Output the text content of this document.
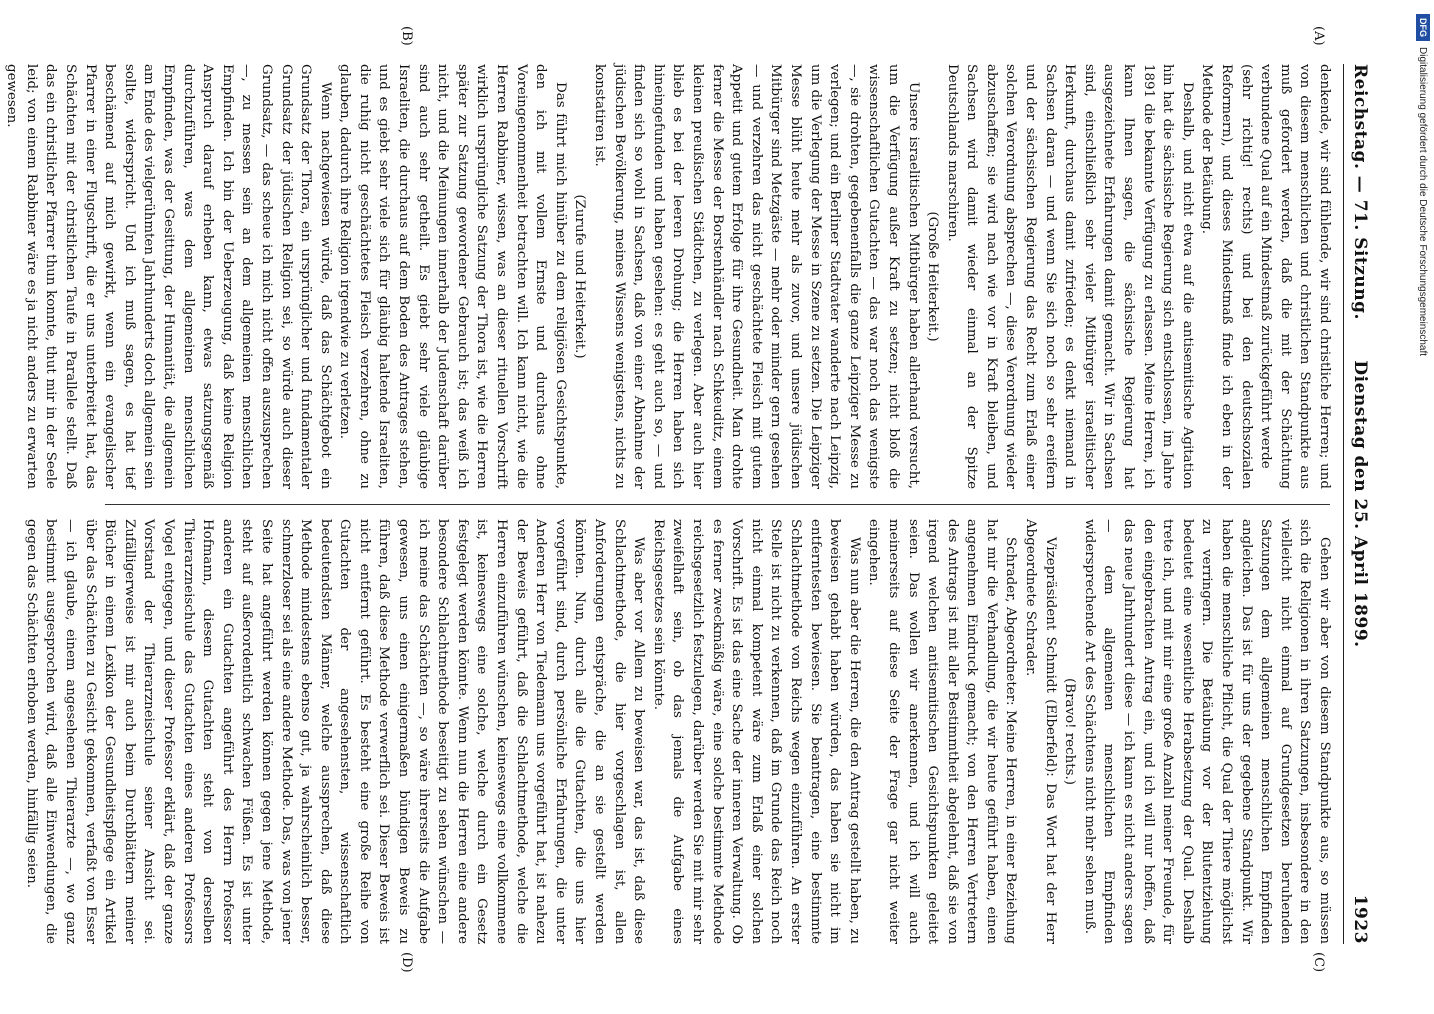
Reichstag. — 71. Sitzung.
Dienstag den 25. April 1899.
1923
(A)
(B)
(C)
(D)

denkende, wir sind fühlende, wir sind christliche Herren; und von diesem menschlichen und christlichen Standpunkte aus muß gefordert werden, daß die mit der Schächtung verbundene Qual auf ein Mindestmaß zurückgeführt werde

(sehr richtig! rechts) und bei den deutschsozialen Reformern), und dieses Mindestmaß finde ich eben in der Methode der Betäubung.

Deshalb, und nicht etwa auf die antisemitische Agitation hin hat die sächsische Regierung sich entschlossen, im Jahre 1891 die bekannte Verfügung zu erlassen. Meine Herren, ich kann Ihnen sagen, die sächsische Regierung hat ausgezeichnete Erfahrungen damit gemacht. Wir in Sachsen sind, einschließlich sehr vieler Mitbürger israelitischer Herkunft, durchaus damit zufrieden; es denkt niemand in Sachsen daran — und wenn Sie sich noch so sehr ereifern und der sächsischen Regierung das Recht zum Erlaß einer solchen Verordnung absprechen —, diese Verordnung wieder abzuschaffen; sie wird nach wie vor in Kraft bleiben, und Sachsen wird damit wieder einmal an der Spitze Deutschlands marschiren.

(Große Heiterkeit.)

Unsere israelitischen Mitbürger haben allerhand versucht, um die Verfügung außer Kraft zu setzen; nicht bloß die wissenschaftlichen Gutachten — das war noch das wenigste —, sie drohten, gegebenenfalls die ganze Leipziger Messe zu verlegen; und ein Berliner Stadtvater wanderte nach Leipzig, um die Verlegung der Messe in Szene zu setzen. Die Leipziger Messe blüht heute mehr als zuvor, und unsere jüdischen Mitbürger sind Metzgäste — mehr oder minder gern gesehen — und verzehren das nicht geschächtete Fleisch mit gutem Appetit und gutem Erfolge für ihre Gesundheit. Man drohte ferner die Messe der Borstenhändler nach Schkeuditz, einem kleinen preußischen Städtchen, zu verlegen. Aber auch hier blieb es bei der leeren Drohung; die Herren haben sich hineingefunden und haben gesehen: es geht auch so, — und finden sich so wohl in Sachsen, daß von einer Abnahme der jüdischen Bevölkerung, meines Wissens wenigstens, nichts zu konstatiren ist.

(Zurufe und Heiterkeit.)

Das führt mich hinüber zu dem religiösen Gesichtspunkte, den ich mit vollem Ernste und durchaus ohne Voreingenommenheit betrachten will. Ich kann nicht, wie die Herren Rabbiner, wissen, was an dieser rituellen Vorschrift wirklich ursprüngliche Satzung der Thora ist, wie die Herren später zur Satzung gewordener Gebrauch ist; das weiß ich nicht, und die Meinungen innerhalb der Judenschaft darüber sind auch sehr getheilt. Es giebt sehr viele gläubige Israeliten, die durchaus auf dem Boden des Antrages stehen, und es giebt sehr viele sich für gläubig haltende Israeliten, die ruhig nicht geschächtetes Fleisch verzehren, ohne zu glauben, dadurch ihre Religion irgendwie zu verletzen.

Wenn nachgewiesen würde, daß das Schächtgebot ein Grundsatz der Thora, ein ursprünglicher und fundamentaler Grundsatz der jüdischen Religion sei, so würde auch dieser Grundsatz, — das scheue ich mich nicht offen auszusprechen —, zu messen sein an dem allgemeinen menschlichen Empfinden. Ich bin der Ueberzeugung, daß keine Religion Anspruch darauf erheben kann, etwas satzungsgemäß durchzuführen, was dem allgemeinen menschlichen Empfinden, was der Gesittung, der Humanität, die allgemein am Ende des vielgerühmten Jahrhunderts doch allgemein sein sollte, widerspricht. Und ich muß sagen, es hat tief beschämend auf mich gewirkt, wenn ein evangelischer Pfarrer in einer Flugschrift, die er uns unterbreitet hat, das Schächten mit der christlichen Taufe in Parallele stellt. Daß das ein christlicher Pfarrer thun konnte, thut mir in der Seele leid; von einem Rabbiner wäre es ja nicht anders zu erwarten gewesen.

Gehen wir aber von diesem Standpunkte aus, so müssen sich die Religionen in ihren Satzungen, insbesondere in den vielleicht nicht einmal auf Grundgesetzen beruhenden Satzungen dem allgemeinen menschlichen Empfinden angleichen. Das ist für uns der gegebene Standpunkt. Wir haben die menschliche Pflicht, die Qual der Thiere möglichst zu verringern. Die Betäubung vor der Blutentziehung bedeutet eine wesentliche Herabsetzung der Qual. Deshalb trete ich, und mit mir eine große Anzahl meiner Freunde, für den eingebrachten Antrag ein, und ich will nur hoffen, daß das neue Jahrhundert diese — ich kann es nicht anders sagen — dem allgemeinen menschlichen Empfinden widersprechende Art des Schächtens nicht mehr sehen muß.

(Bravo! rechts.)

Vizepräsident Schmidt (Elberfeld): Das Wort hat der Herr Abgeordnete Schrader.

Schrader, Abgeordneter: Meine Herren, in einer Beziehung hat mir die Verhandlung, die wir heute geführt haben, einen angenehmen Eindruck gemacht; von den Herren Vertretern des Antrags ist mit aller Bestimmtheit abgelehnt, daß sie von irgend welchen antisemitischen Gesichtspunkten geleitet seien. Das wollen wir anerkennen, und ich will auch meinerseits auf diese Seite der Frage gar nicht weiter eingehen.

Was nun aber die Herren, die den Antrag gestellt haben, zu beweisen gehabt haben würden, das haben sie nicht im entferntesten bewiesen. Sie beantragen, eine bestimmte Schlachtmethode von Reichs wegen einzuführen. An erster Stelle ist nicht zu verkennen, daß im Grunde das Reich noch nicht einmal kompetent wäre zum Erlaß einer solchen Vorschrift. Es ist das eine Sache der inneren Verwaltung. Ob es ferner zweckmäßig wäre, eine solche bestimmte Methode reichsgesetzlich festzulegen, darüber werden Sie mit mir sehr zweifelhaft sein, ob das jemals die Aufgabe eines Reichsgesetzes sein könnte.

Was aber vor Allem zu beweisen war, das ist, daß diese Schlachtmethode, die hier vorgeschlagen ist, allen Anforderungen entspräche, die an sie gestellt werden könnten. Nun, durch alle die Gutachten, die uns hier vorgeführt sind, durch persönliche Erfahrungen, die unter Anderen Herr von Tiedemann uns vorgeführt hat, ist nahezu der Beweis geführt, daß die Schlachtmethode, welche die Herren einzuführen wünschen, keineswegs eine vollkommene ist, keineswegs eine solche, welche durch ein Gesetz festgelegt werden könnte. Wenn nun die Herren eine andere besondere Schlachtmethode beseitigt zu sehen wünschen — ich meine das Schächten —, so wäre ihrerseits die Aufgabe gewesen, uns einen einigermaßen bündigen Beweis zu führen, daß diese Methode verwerflich sei. Dieser Beweis ist nicht entfernt geführt. Es besteht eine große Reihe von Gutachten der angesehensten, wissenschaftlich bedeutendsten Männer, welche aussprechen, daß diese Methode mindestens ebenso gut, ja wahrscheinlich besser, schmerzloser sei als eine andere Methode. Das, was von jener Seite hat angeführt werden können gegen jene Methode, steht auf außerordentlich schwachen Füßen. Es ist unter anderen ein Gutachten angeführt des Herrn Professor Hofmann, diesem Gutachten steht von derselben Thierarzneischule das Gutachten eines anderen Professors Vogel entgegen, und dieser Professor erklärt, daß der ganze Vorstand der Thierarzneischule seiner Ansicht sei. Zufälligerweise ist mir auch beim Durchblättern meiner Bücher in einem Lexikon der Gesundheitspflege ein Artikel über das Schächten zu Gesicht gekommen, verfaßt von Esser — ich glaube, einem angesehenen Thierarzte —, wo ganz bestimmt ausgesprochen wird, daß alle Einwendungen, die gegen das Schächten erhoben werden, hinfällig seien.

DFGDigitalisierung gefördert durch die Deutsche Forschungsgemeinschaft
